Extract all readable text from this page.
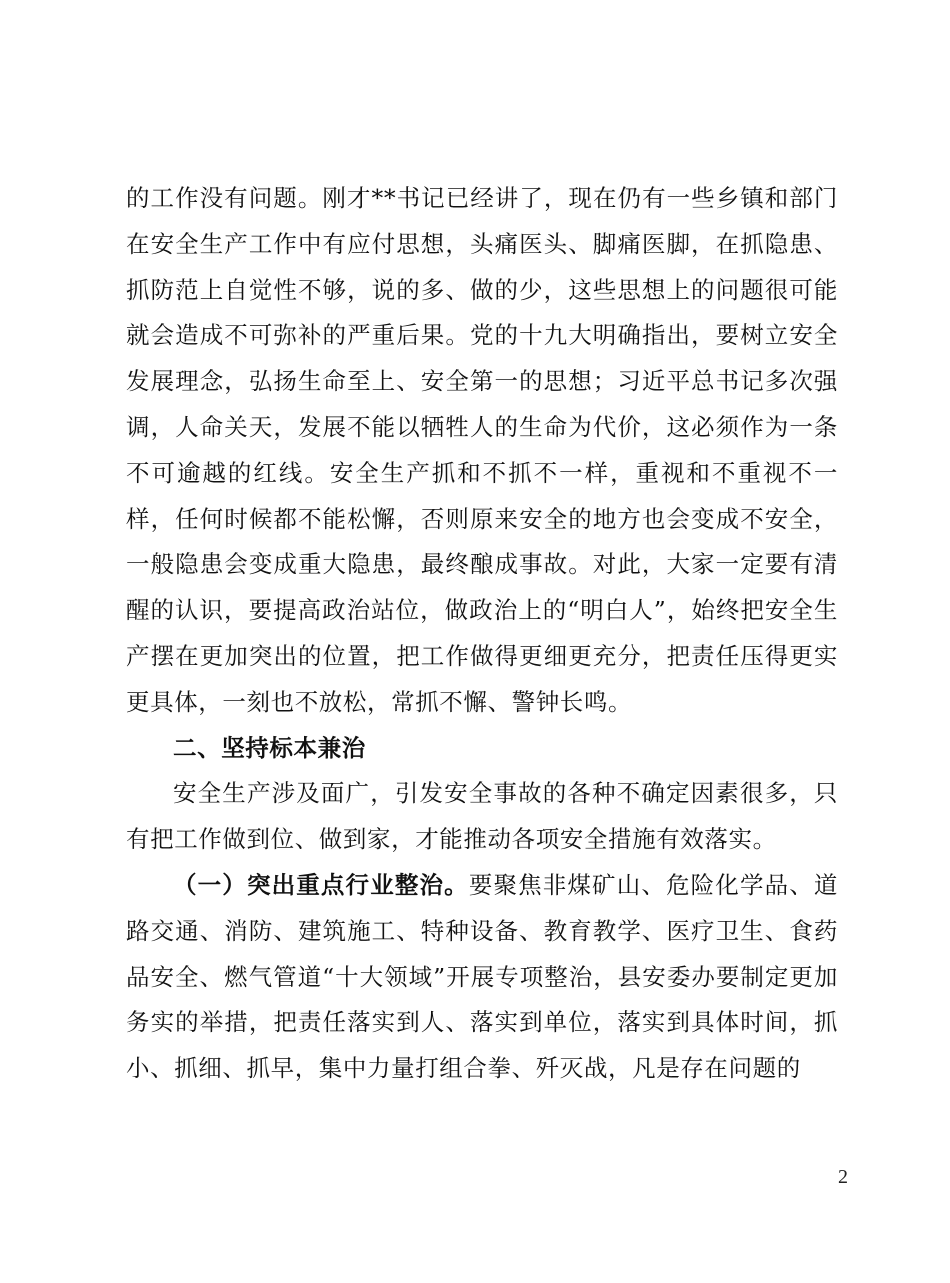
的工作没有问题。刚才**书记已经讲了，现在仍有一些乡镇和部门在安全生产工作中有应付思想，头痛医头、脚痛医脚，在抓隐患、抓防范上自觉性不够，说的多、做的少，这些思想上的问题很可能就会造成不可弥补的严重后果。党的十九大明确指出，要树立安全发展理念，弘扬生命至上、安全第一的思想；习近平总书记多次强调，人命关天，发展不能以牺牲人的生命为代价，这必须作为一条不可逾越的红线。安全生产抓和不抓不一样，重视和不重视不一样，任何时候都不能松懈，否则原来安全的地方也会变成不安全，一般隐患会变成重大隐患，最终酿成事故。对此，大家一定要有清醒的认识，要提高政治站位，做政治上的“明白人”，始终把安全生产摆在更加突出的位置，把工作做得更细更充分，把责任压得更实更具体，一刻也不放松，常抓不懈、警钟长鸣。

二、坚持标本兼治

安全生产涉及面广，引发安全事故的各种不确定因素很多，只有把工作做到位、做到家，才能推动各项安全措施有效落实。

（一）突出重点行业整治。要聚焦非煤矿山、危险化学品、道路交通、消防、建筑施工、特种设备、教育教学、医疗卫生、食药品安全、燃气管道“十大领域”开展专项整治，县安委办要制定更加务实的举措，把责任落实到人、落实到单位，落实到具体时间，抓小、抓细、抓早，集中力量打组合拳、歼灭战，凡是存在问题的

2
